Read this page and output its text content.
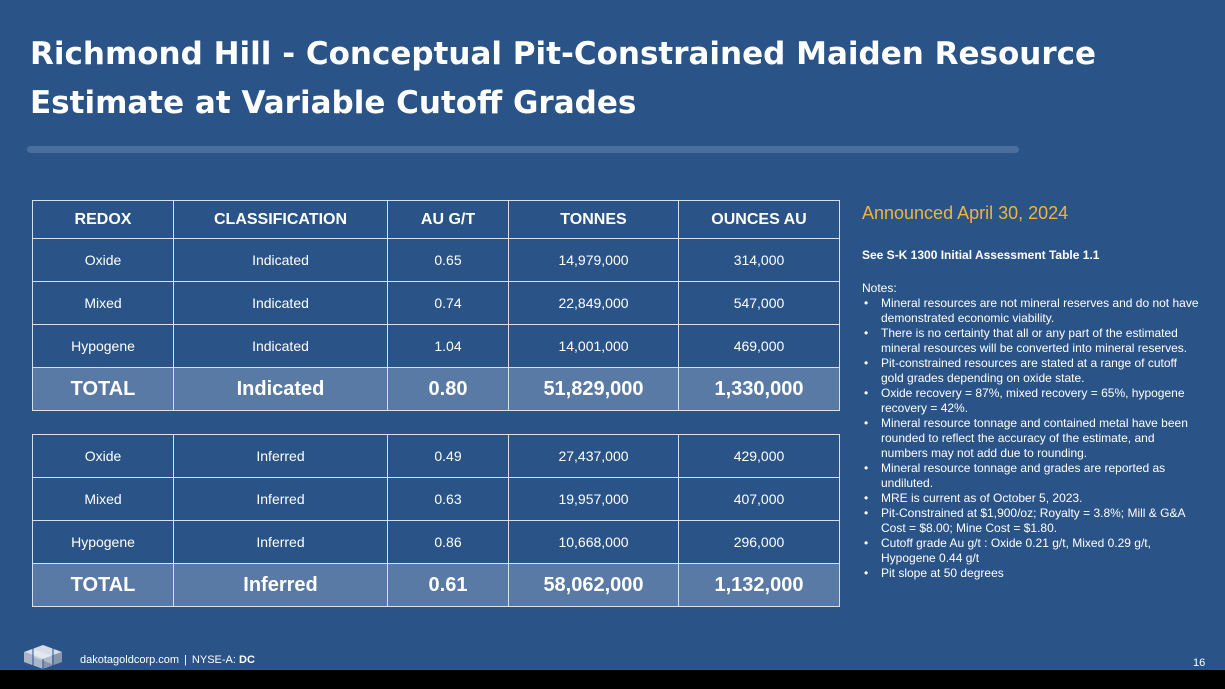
Richmond Hill - Conceptual Pit-Constrained Maiden Resource
Estimate at Variable Cutoff Grades
REDOX	CLASSIFICATION	AU G/T	TONNES	OUNCES AU
Oxide	Indicated	0.65	14,979,000	314,000
Mixed	Indicated	0.74	22,849,000	547,000
Hypogene	Indicated	1.04	14,001,000	469,000
TOTAL	Indicated	0.80	51,829,000	1,330,000
Oxide	Inferred	0.49	27,437,000	429,000
Mixed	Inferred	0.63	19,957,000	407,000
Hypogene	Inferred	0.86	10,668,000	296,000
TOTAL	Inferred	0.61	58,062,000	1,132,000

Announced April 30, 2024

See S-K 1300 Initial Assessment Table 1.1

Notes:

• Mineral resources are not mineral reserves and do not have demonstrated economic viability.
• There is no certainty that all or any part of the estimated mineral resources will be converted into mineral reserves.
• Pit-constrained resources are stated at a range of cutoff gold grades depending on oxide state.
• Oxide recovery = 87%, mixed recovery = 65%, hypogene recovery = 42%.
• Mineral resource tonnage and contained metal have been rounded to reflect the accuracy of the estimate, and numbers may not add due to rounding.
• Mineral resource tonnage and grades are reported as undiluted.
• MRE is current as of October 5, 2023.
• Pit-Constrained at $1,900/oz; Royalty = 3.8%; Mill & G&A Cost = $8.00; Mine Cost = $1.80.
• Cutoff grade Au g/t : Oxide 0.21 g/t, Mixed 0.29 g/t, Hypogene 0.44 g/t
• Pit slope at 50 degrees

dakotagoldcorp.com | NYSE-A: DC	16
